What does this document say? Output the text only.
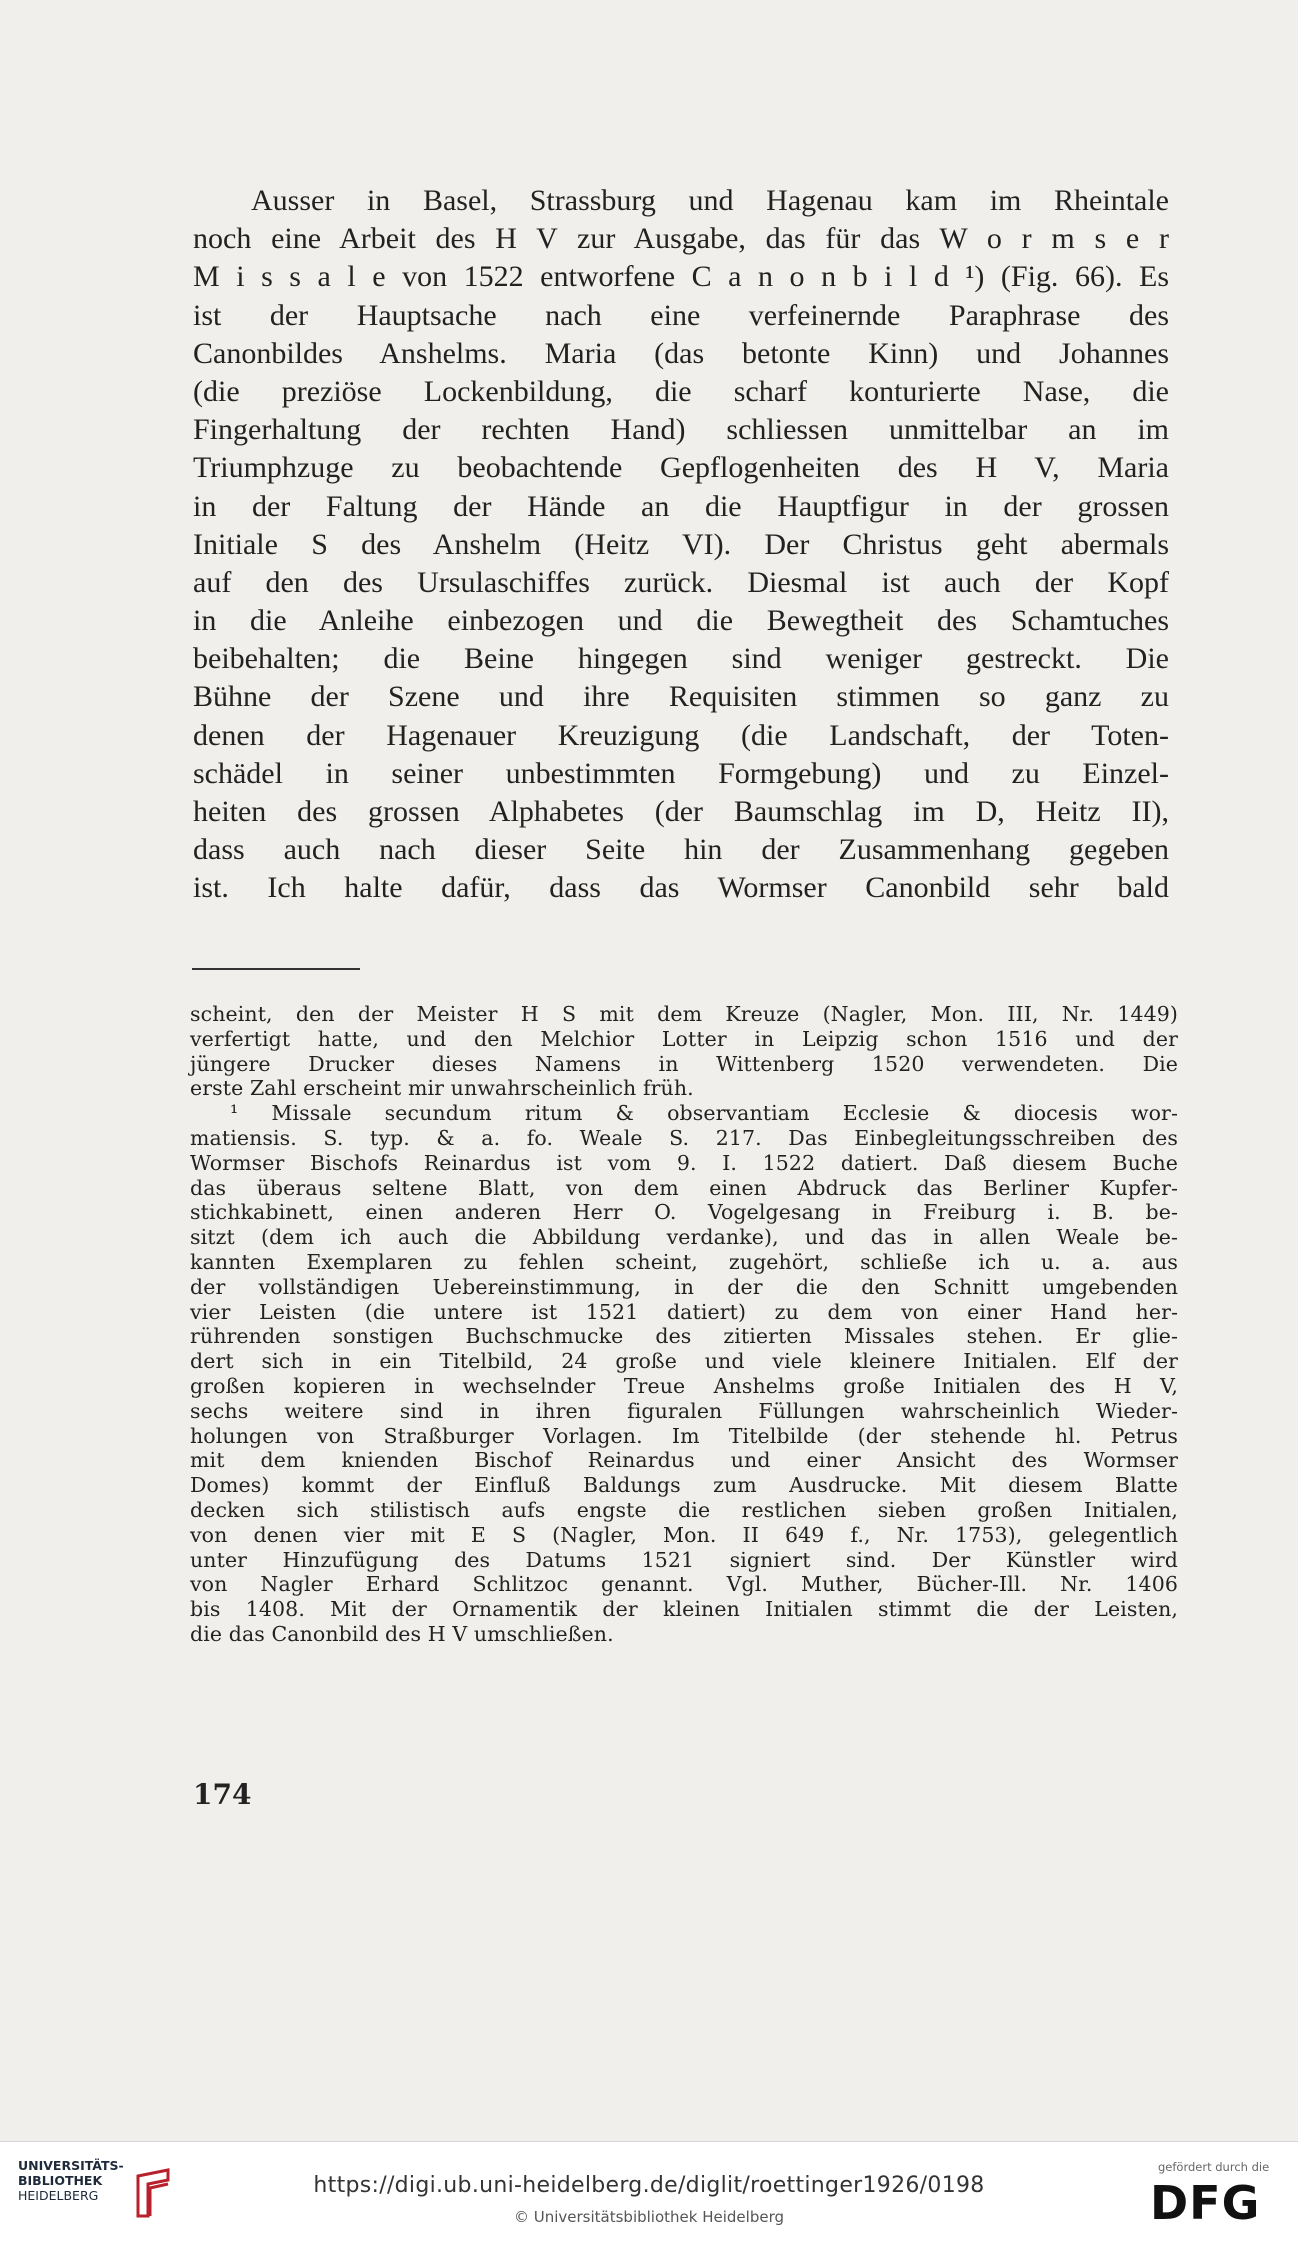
Ausser in Basel, Strassburg und Hagenau kam im Rheintale
noch eine Arbeit des H V zur Ausgabe, das für das W o r m s e r
M i s s a l e von 1522 entworfene C a n o n b i l d ¹) (Fig. 66). Es
ist der Hauptsache nach eine verfeinernde Paraphrase des
Canonbildes Anshelms. Maria (das betonte Kinn) und Johannes
(die preziöse Lockenbildung, die scharf konturierte Nase, die
Fingerhaltung der rechten Hand) schliessen unmittelbar an im
Triumphzuge zu beobachtende Gepflogenheiten des H V, Maria
in der Faltung der Hände an die Hauptfigur in der grossen
Initiale S des Anshelm (Heitz VI). Der Christus geht abermals
auf den des Ursulaschiffes zurück. Diesmal ist auch der Kopf
in die Anleihe einbezogen und die Bewegtheit des Schamtuches
beibehalten; die Beine hingegen sind weniger gestreckt. Die
Bühne der Szene und ihre Requisiten stimmen so ganz zu
denen der Hagenauer Kreuzigung (die Landschaft, der Toten-
schädel in seiner unbestimmten Formgebung) und zu Einzel-
heiten des grossen Alphabetes (der Baumschlag im D, Heitz II),
dass auch nach dieser Seite hin der Zusammenhang gegeben
ist. Ich halte dafür, dass das Wormser Canonbild sehr bald
scheint, den der Meister H S mit dem Kreuze (Nagler, Mon. III, Nr. 1449)
verfertigt hatte, und den Melchior Lotter in Leipzig schon 1516 und der
jüngere Drucker dieses Namens in Wittenberg 1520 verwendeten. Die
erste Zahl erscheint mir unwahrscheinlich früh.
¹ Missale secundum ritum & observantiam Ecclesie & diocesis wor-
matiensis. S. typ. & a. fo. Weale S. 217. Das Einbegleitungsschreiben des
Wormser Bischofs Reinardus ist vom 9. I. 1522 datiert. Daß diesem Buche
das überaus seltene Blatt, von dem einen Abdruck das Berliner Kupfer-
stichkabinett, einen anderen Herr O. Vogelgesang in Freiburg i. B. be-
sitzt (dem ich auch die Abbildung verdanke), und das in allen Weale be-
kannten Exemplaren zu fehlen scheint, zugehört, schließe ich u. a. aus
der vollständigen Uebereinstimmung, in der die den Schnitt umgebenden
vier Leisten (die untere ist 1521 datiert) zu dem von einer Hand her-
rührenden sonstigen Buchschmucke des zitierten Missales stehen. Er glie-
dert sich in ein Titelbild, 24 große und viele kleinere Initialen. Elf der
großen kopieren in wechselnder Treue Anshelms große Initialen des H V,
sechs weitere sind in ihren figuralen Füllungen wahrscheinlich Wieder-
holungen von Straßburger Vorlagen. Im Titelbilde (der stehende hl. Petrus
mit dem knienden Bischof Reinardus und einer Ansicht des Wormser
Domes) kommt der Einfluß Baldungs zum Ausdrucke. Mit diesem Blatte
decken sich stilistisch aufs engste die restlichen sieben großen Initialen,
von denen vier mit E S (Nagler, Mon. II 649 f., Nr. 1753), gelegentlich
unter Hinzufügung des Datums 1521 signiert sind. Der Künstler wird
von Nagler Erhard Schlitzoc genannt. Vgl. Muther, Bücher-Ill. Nr. 1406
bis 1408. Mit der Ornamentik der kleinen Initialen stimmt die der Leisten,
die das Canonbild des H V umschließen.
174
UNIVERSITÄTS-
BIBLIOTHEK
HEIDELBERG	https://digi.ub.uni-heidelberg.de/diglit/roettinger1926/0198
© Universitätsbibliothek Heidelberg
gefördert durch die
DFG
